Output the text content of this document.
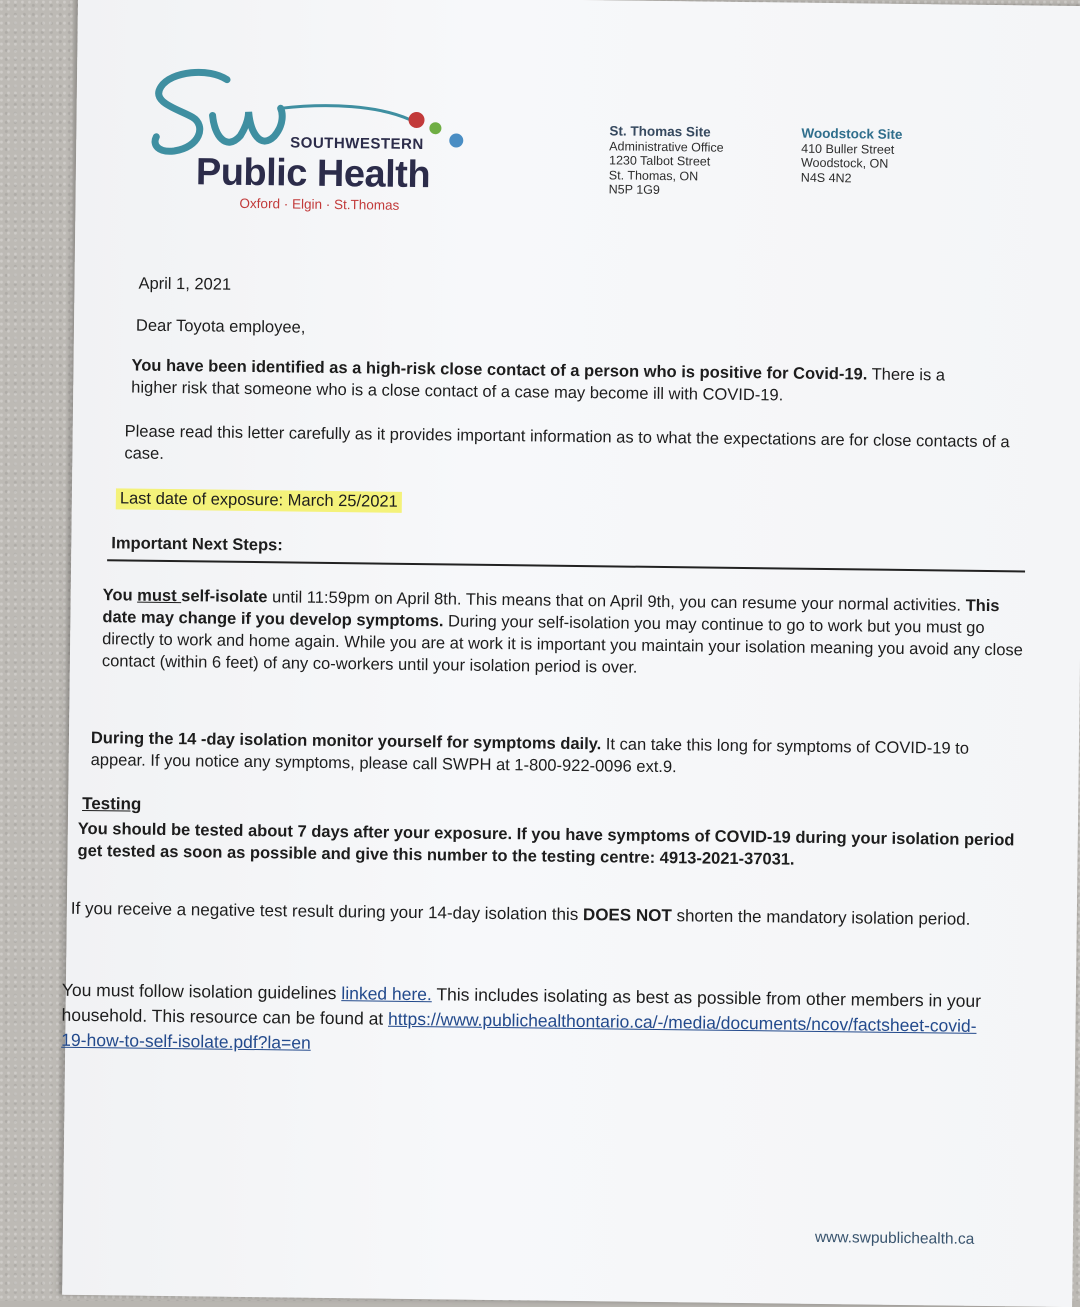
SOUTHWESTERN
Public Health
Oxford · Elgin · St.Thomas
St. Thomas Site
Administrative Office
1230 Talbot Street
St. Thomas, ON
N5P 1G9
Woodstock Site
410 Buller Street
Woodstock, ON
N4S 4N2
April 1, 2021
Dear Toyota employee,
You have been identified as a high-risk close contact of a person who is positive for Covid-19. There is a higher risk that someone who is a close contact of a case may become ill with COVID-19.
Please read this letter carefully as it provides important information as to what the expectations are for close contacts of a case.
Last date of exposure: March 25/2021
Important Next Steps:
You must self-isolate until 11:59pm on April 8th. This means that on April 9th, you can resume your normal activities. This date may change if you develop symptoms. During your self-isolation you may continue to go to work but you must go directly to work and home again. While you are at work it is important you maintain your isolation meaning you avoid any close contact (within 6 feet) of any co-workers until your isolation period is over.
During the 14 -day isolation monitor yourself for symptoms daily. It can take this long for symptoms of COVID-19 to appear. If you notice any symptoms, please call SWPH at 1-800-922-0096 ext.9.
Testing
You should be tested about 7 days after your exposure. If you have symptoms of COVID-19 during your isolation period get tested as soon as possible and give this number to the testing centre: 4913-2021-37031.
If you receive a negative test result during your 14-day isolation this DOES NOT shorten the mandatory isolation period.
You must follow isolation guidelines linked here. This includes isolating as best as possible from other members in your household. This resource can be found at https://www.publichealthontario.ca/-/media/documents/ncov/factsheet-covid-19-how-to-self-isolate.pdf?la=en
www.swpublichealth.ca
